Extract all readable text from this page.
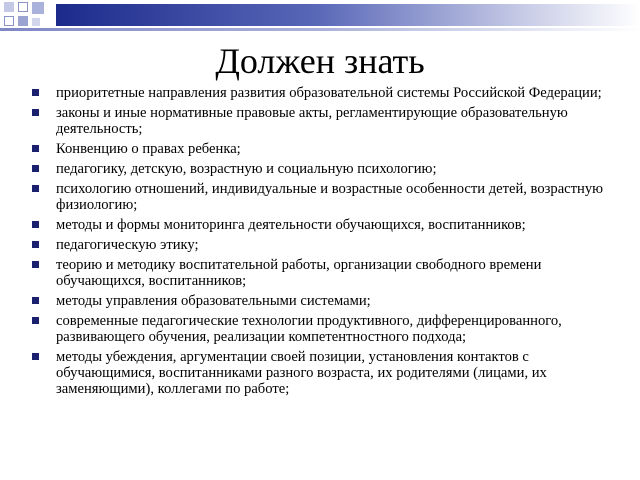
Должен знать
приоритетные направления развития образовательной системы Российской Федерации;
законы и иные нормативные правовые акты, регламентирующие образовательную деятельность;
Конвенцию о правах ребенка;
педагогику, детскую, возрастную и социальную психологию;
психологию отношений, индивидуальные и возрастные особенности детей, возрастную физиологию;
методы и формы мониторинга деятельности обучающихся, воспитанников;
педагогическую этику;
теорию и методику воспитательной работы, организации свободного времени обучающихся, воспитанников;
методы управления образовательными системами;
современные педагогические технологии продуктивного, дифференцированного, развивающего обучения, реализации компетентностного подхода;
методы убеждения, аргументации своей позиции, установления контактов с обучающимися, воспитанниками разного возраста, их родителями (лицами, их заменяющими), коллегами по работе;
